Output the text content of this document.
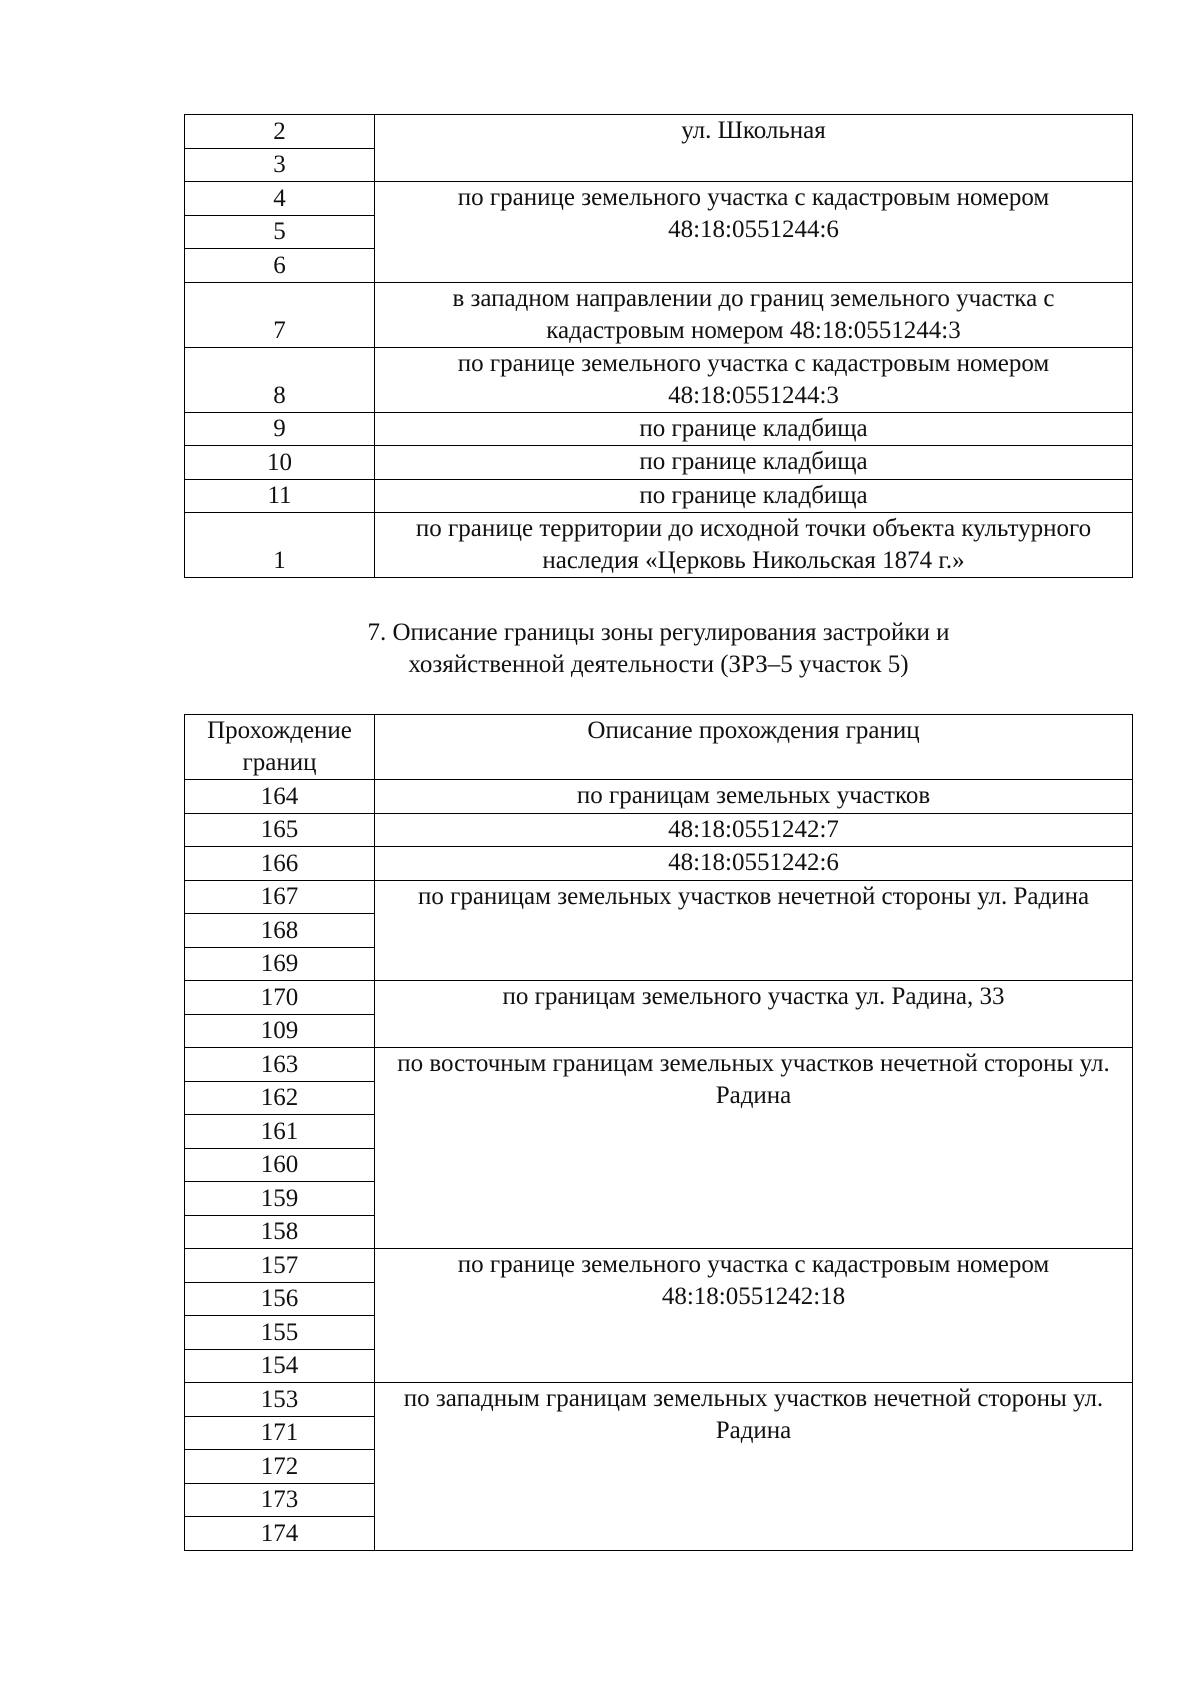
2	ул. Школьная
3	
4	по границе земельного участка с кадастровым номером 48:18:0551244:6
5	
6	
7	в западном направлении до границ земельного участка с кадастровым номером 48:18:0551244:3
8	по границе земельного участка с кадастровым номером 48:18:0551244:3
9	по границе кладбища
10	по границе кладбища
11	по границе кладбища
1	по границе территории до исходной точки объекта культурного наследия «Церковь Никольская 1874 г.»
7. Описание границы зоны регулирования застройки и
хозяйственной деятельности (ЗРЗ–5 участок 5)
Прохождение границ	Описание прохождения границ
164	по границам земельных участков
165	48:18:0551242:7
166	48:18:0551242:6
167	по границам земельных участков нечетной стороны ул. Радина
168	
169	
170	по границам земельного участка ул. Радина, 33
109	
163	по восточным границам земельных участков нечетной стороны ул. Радина
162	
161	
160	
159	
158	
157	по границе земельного участка с кадастровым номером 48:18:0551242:18
156	
155	
154	
153	по западным границам земельных участков нечетной стороны ул. Радина
171	
172	
173	
174	
